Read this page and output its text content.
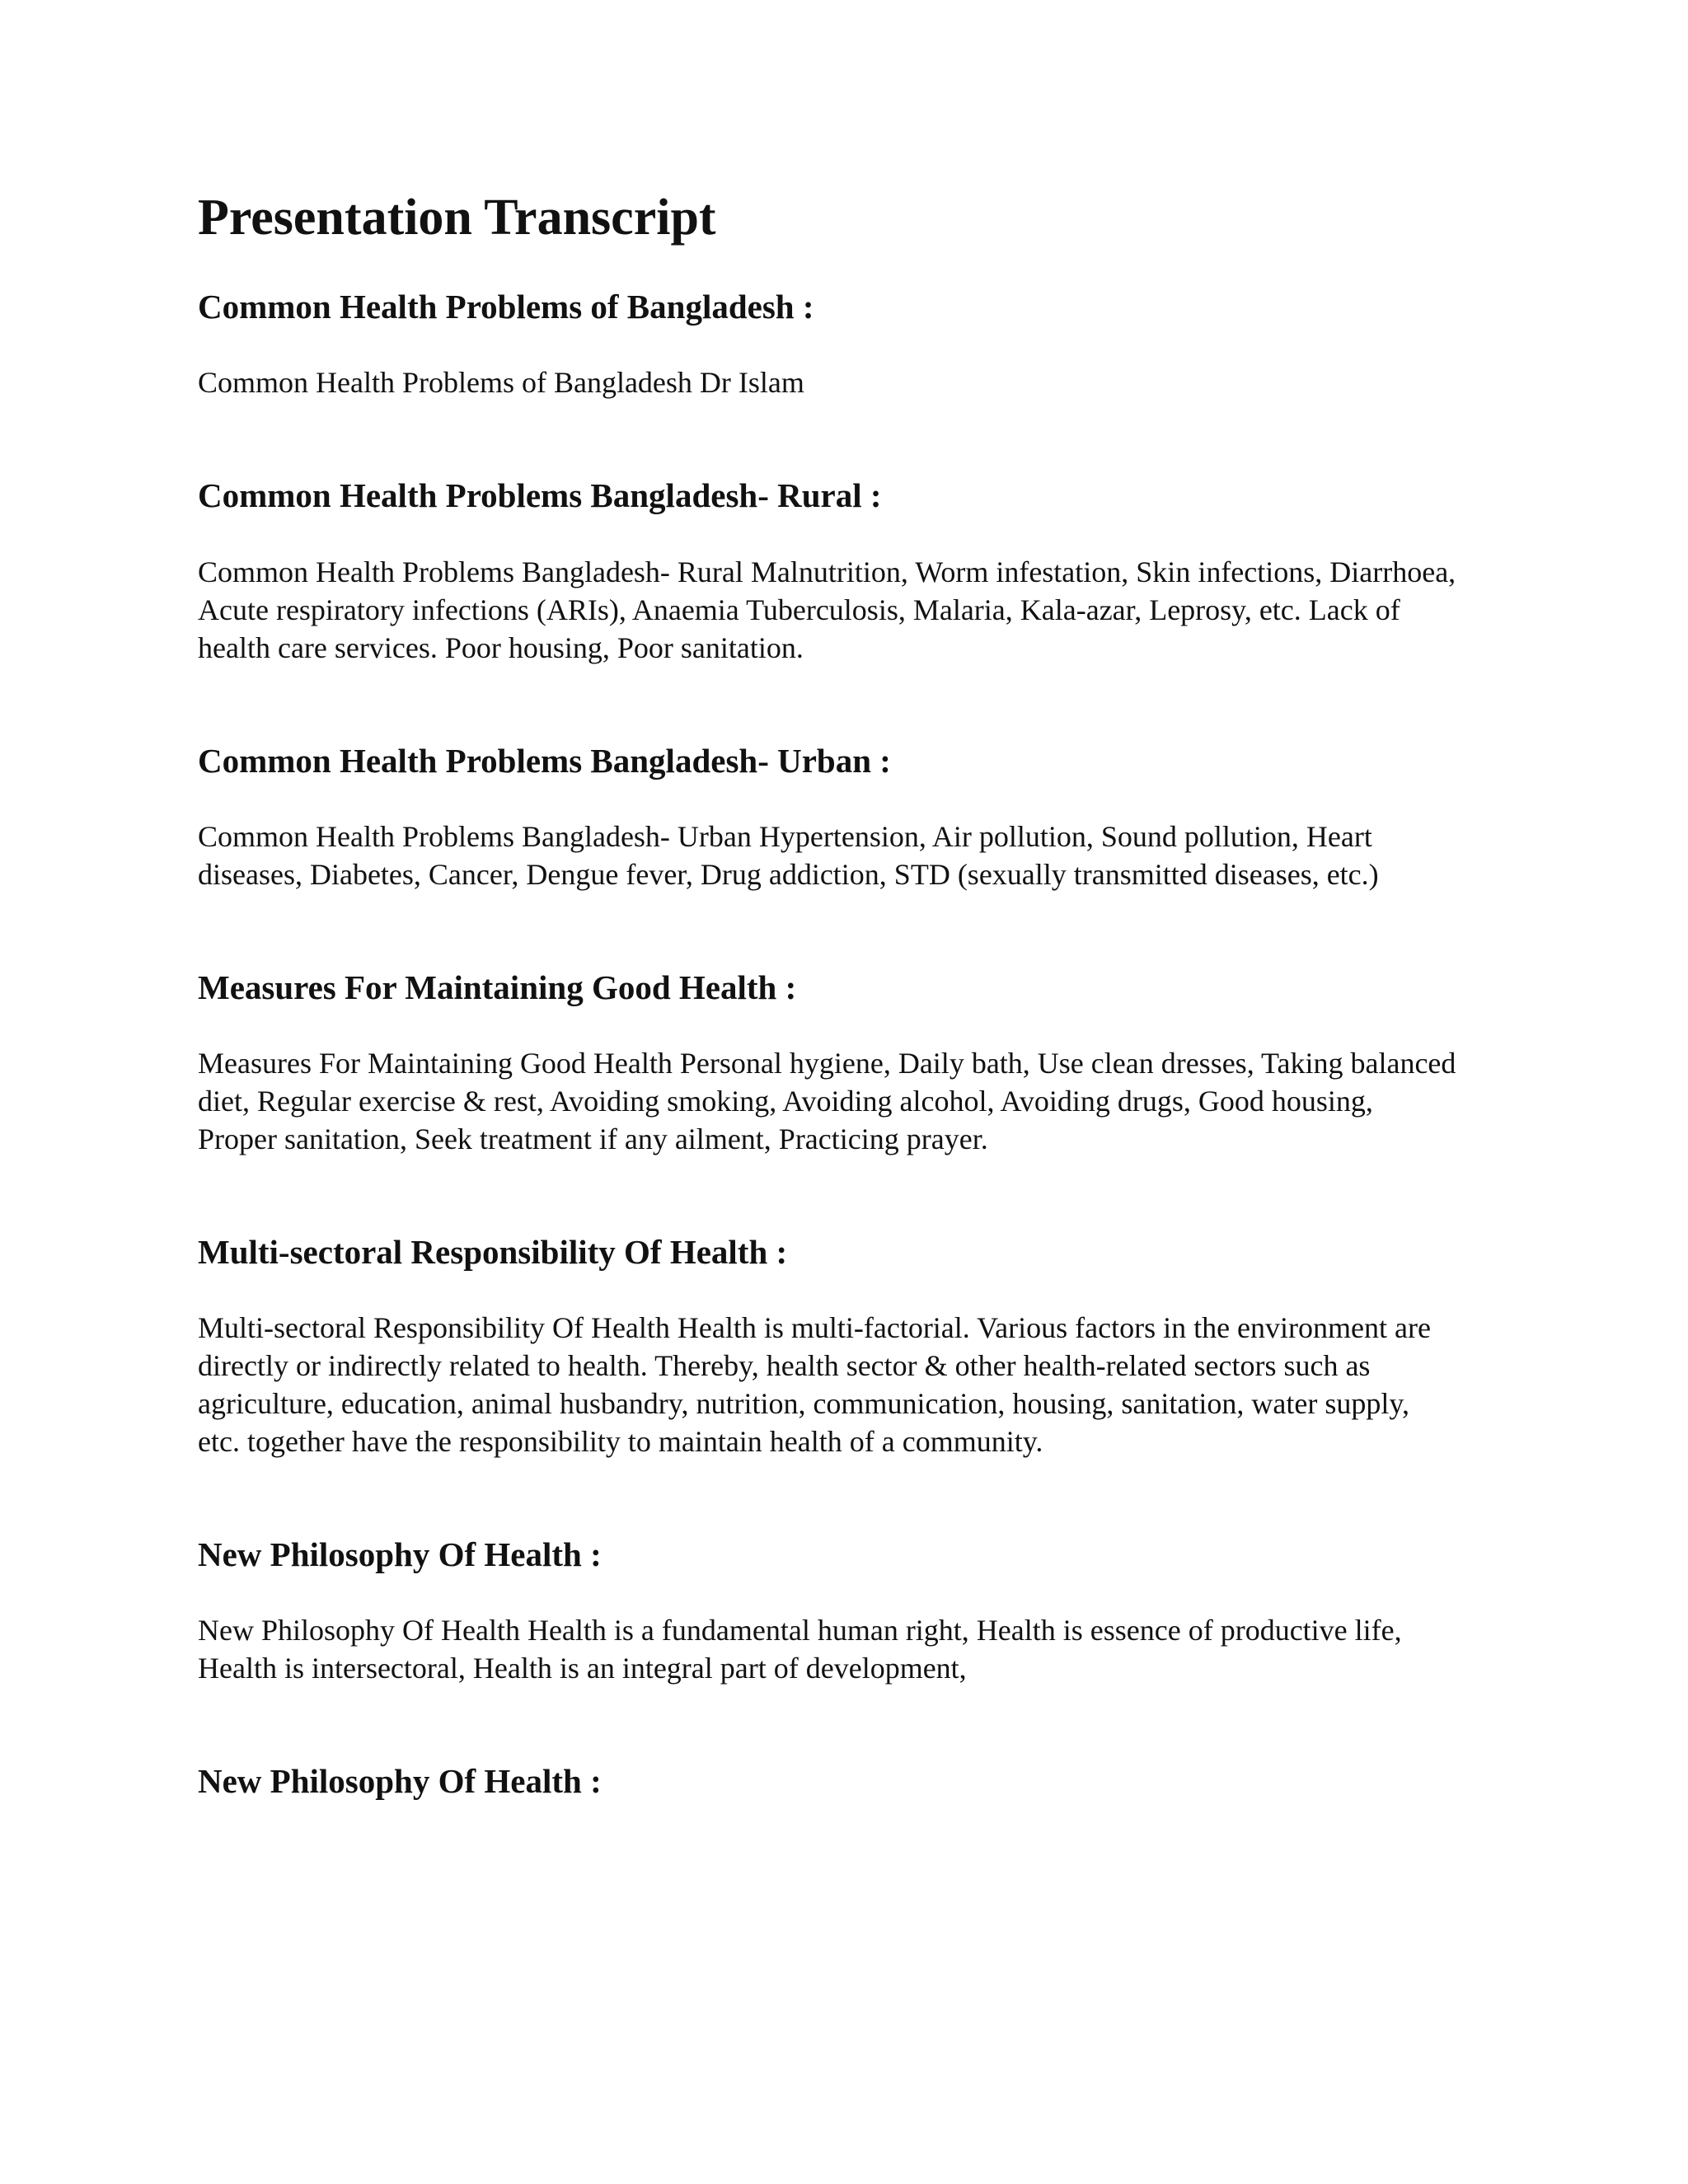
Presentation Transcript
Common Health Problems of Bangladesh :

Common Health Problems of Bangladesh Dr Islam

Common Health Problems Bangladesh- Rural :

Common Health Problems Bangladesh- Rural Malnutrition, Worm infestation, Skin infections, Diarrhoea, Acute respiratory infections (ARIs), Anaemia Tuberculosis, Malaria, Kala-azar, Leprosy, etc. Lack of health care services. Poor housing, Poor sanitation.

Common Health Problems Bangladesh- Urban :

Common Health Problems Bangladesh- Urban Hypertension, Air pollution, Sound pollution, Heart diseases, Diabetes, Cancer, Dengue fever, Drug addiction, STD (sexually transmitted diseases, etc.)

Measures For Maintaining Good Health :

Measures For Maintaining Good Health Personal hygiene, Daily bath, Use clean dresses, Taking balanced diet, Regular exercise & rest, Avoiding smoking, Avoiding alcohol, Avoiding drugs, Good housing, Proper sanitation, Seek treatment if any ailment, Practicing prayer.

Multi-sectoral Responsibility Of Health :

Multi-sectoral Responsibility Of Health Health is multi-factorial. Various factors in the environment are directly or indirectly related to health. Thereby, health sector & other health-related sectors such as agriculture, education, animal husbandry, nutrition, communication, housing, sanitation, water supply, etc. together have the responsibility to maintain health of a community.

New Philosophy Of Health :

New Philosophy Of Health Health is a fundamental human right, Health is essence of productive life, Health is intersectoral, Health is an integral part of development,

New Philosophy Of Health :
